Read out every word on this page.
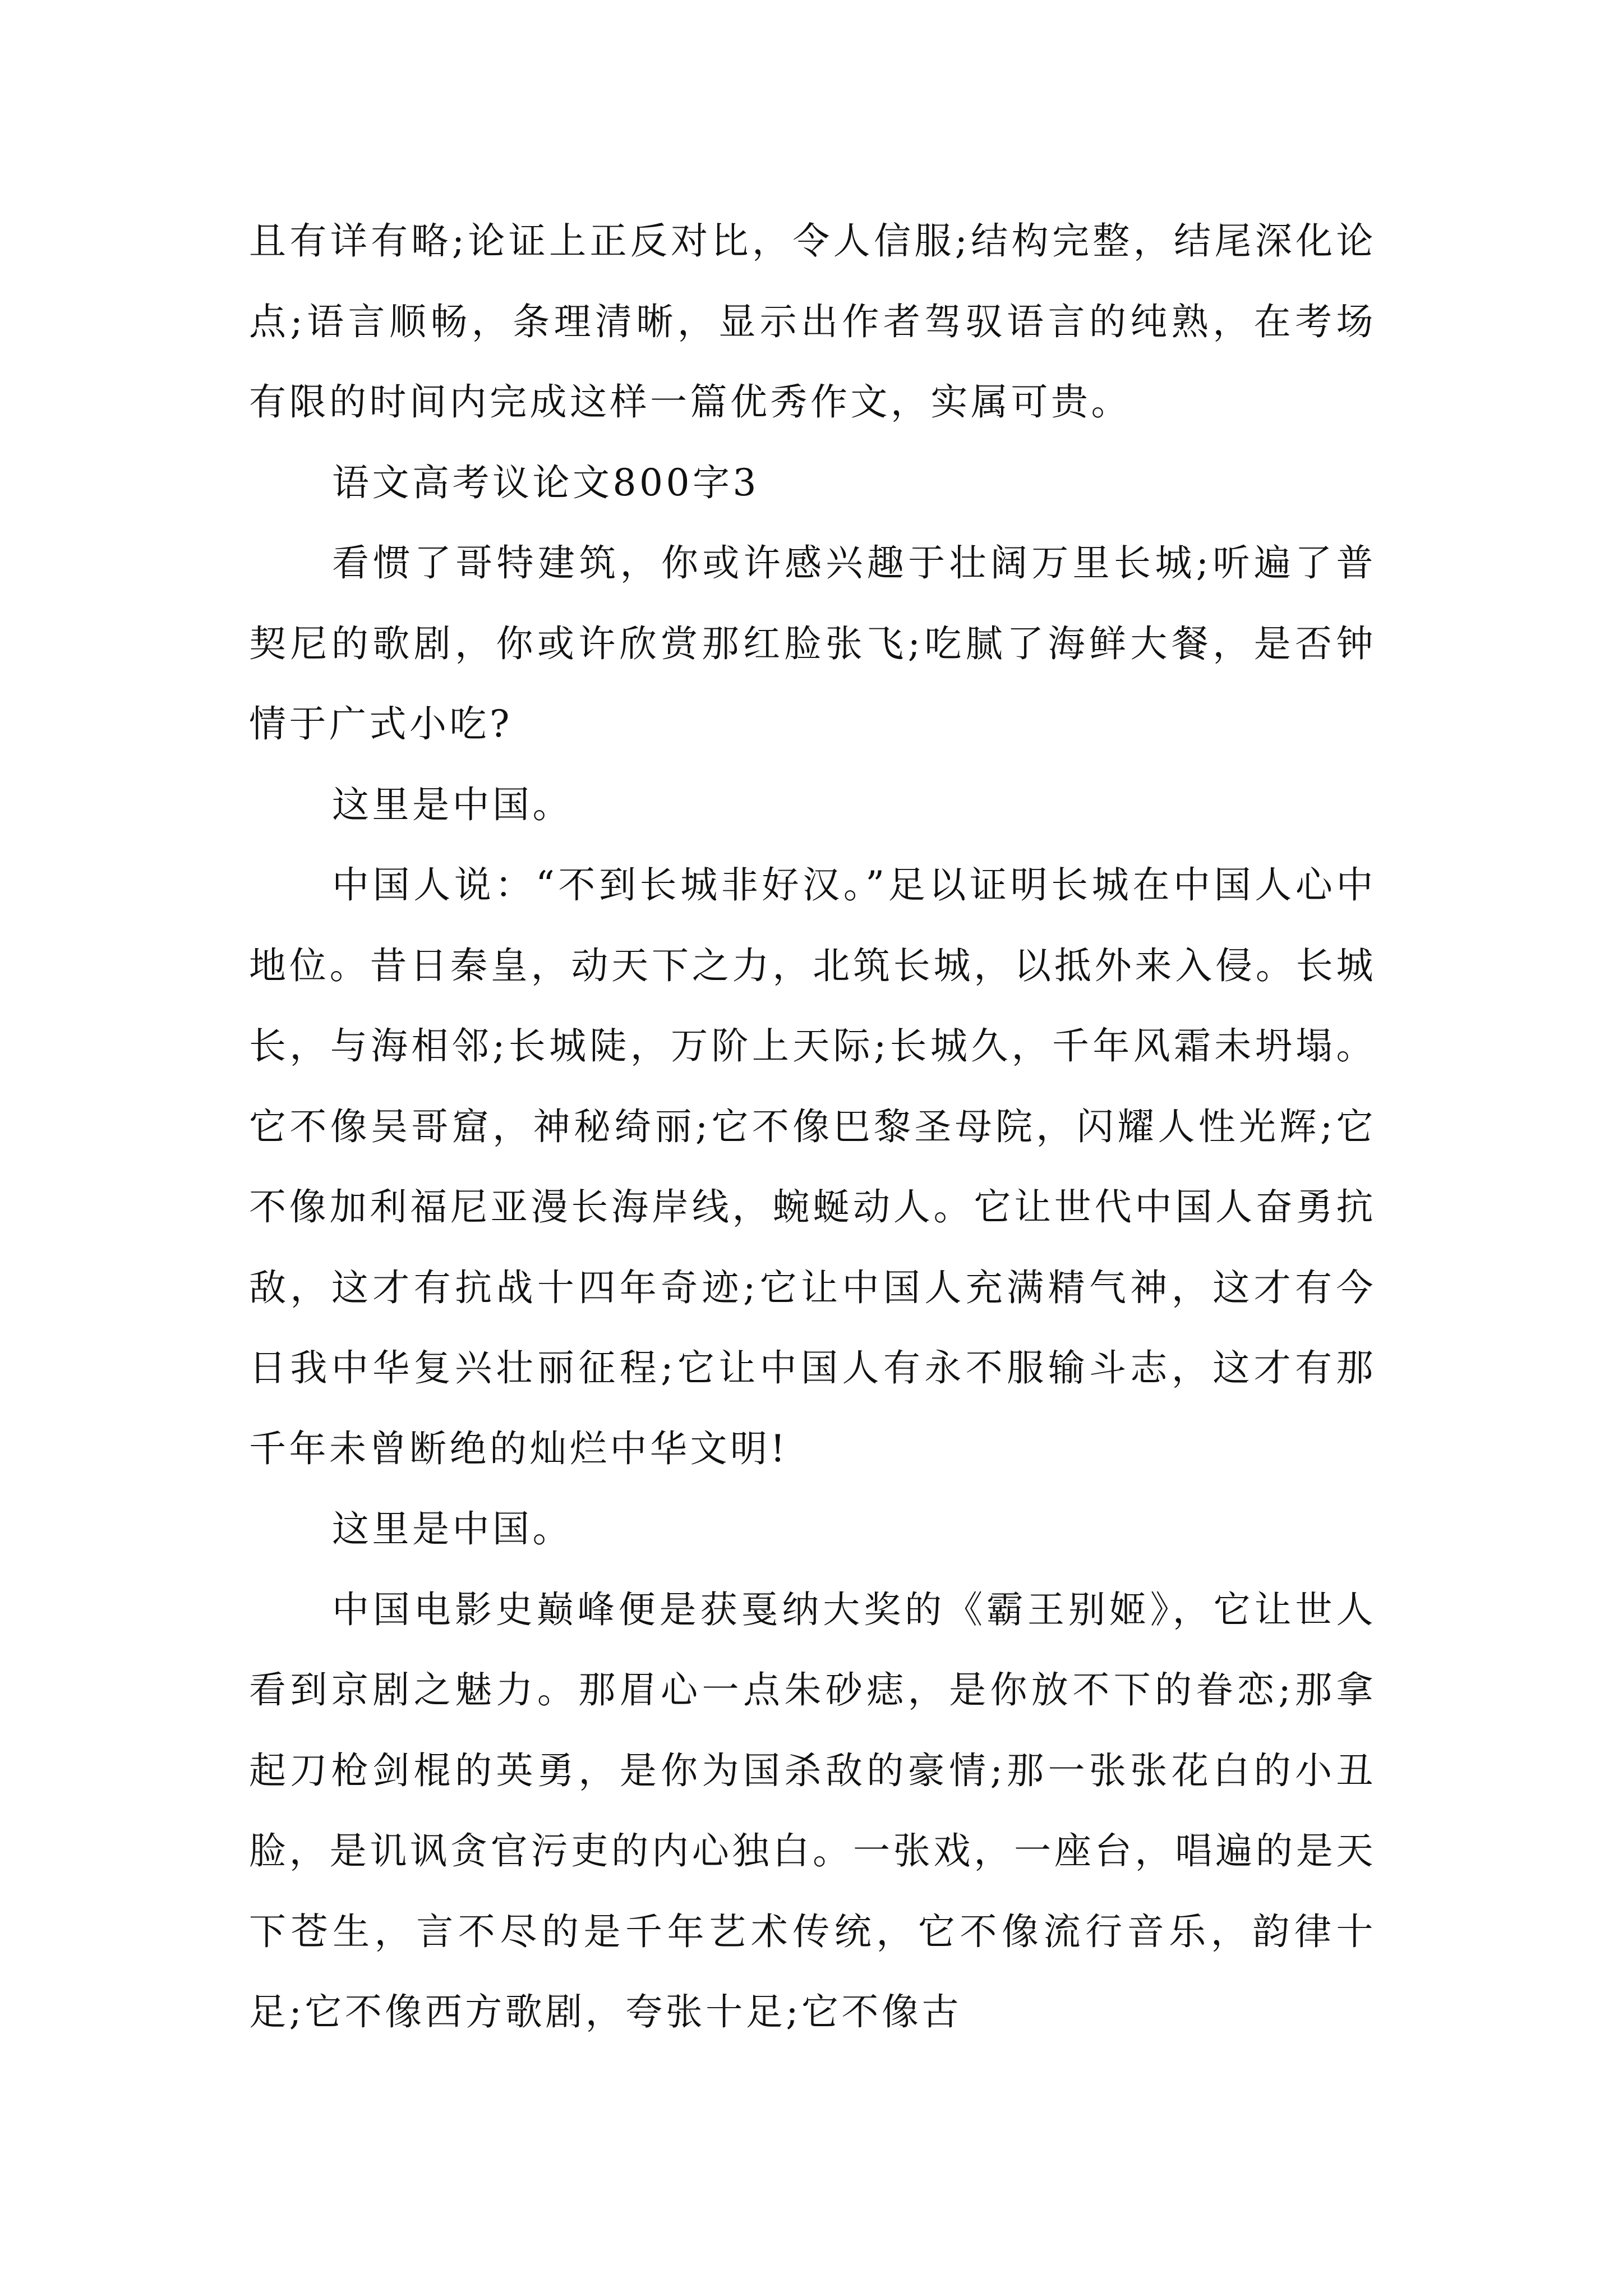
且有详有略;论证上正反对比，令人信服;结构完整，结尾深化论点;语言顺畅，条理清晰，显示出作者驾驭语言的纯熟，在考场有限的时间内完成这样一篇优秀作文，实属可贵。

语文高考议论文800字3

看惯了哥特建筑，你或许感兴趣于壮阔万里长城;听遍了普契尼的歌剧，你或许欣赏那红脸张飞;吃腻了海鲜大餐，是否钟情于广式小吃?

这里是中国。

中国人说：“不到长城非好汉。”足以证明长城在中国人心中地位。昔日秦皇，动天下之力，北筑长城，以抵外来入侵。长城长，与海相邻;长城陡，万阶上天际;长城久，千年风霜未坍塌。它不像吴哥窟，神秘绮丽;它不像巴黎圣母院，闪耀人性光辉;它不像加利福尼亚漫长海岸线，蜿蜒动人。它让世代中国人奋勇抗敌，这才有抗战十四年奇迹;它让中国人充满精气神，这才有今日我中华复兴壮丽征程;它让中国人有永不服输斗志，这才有那千年未曾断绝的灿烂中华文明!

这里是中国。

中国电影史巅峰便是获戛纳大奖的《霸王别姬》，它让世人看到京剧之魅力。那眉心一点朱砂痣，是你放不下的眷恋;那拿起刀枪剑棍的英勇，是你为国杀敌的豪情;那一张张花白的小丑脸，是讥讽贪官污吏的内心独白。一张戏，一座台，唱遍的是天下苍生，言不尽的是千年艺术传统，它不像流行音乐，韵律十足;它不像西方歌剧，夸张十足;它不像古
